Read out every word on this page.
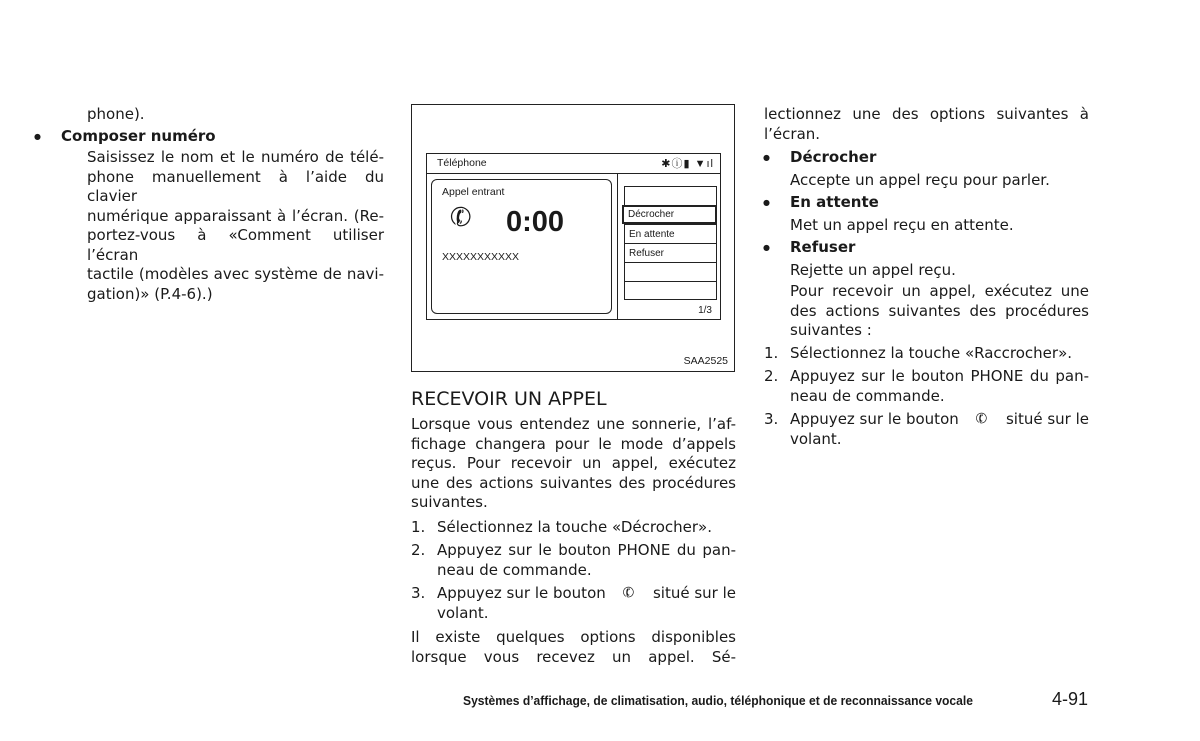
phone).

● Composer numéro

Saisissez le nom et le numéro de télé-

phone manuellement à l’aide du clavier

numérique apparaissant à l’écran. (Re-

portez-vous à «Comment utiliser l’écran

tactile (modèles avec système de navi-

gation)» (P.4-6).)

Téléphone	✱ⓘ▮ ▼ıl
Appel entrant
✆ 0:00
XXXXXXXXXXX
Décrocher
En attente
Refuser
1/3
SAA2525
RECEVOIR UN APPEL

Lorsque vous entendez une sonnerie, l’af-

fichage changera pour le mode d’appels

reçus. Pour recevoir un appel, exécutez

une des actions suivantes des procédures

suivantes.

1. Sélectionnez la touche «Décrocher».
2. Appuyez sur le bouton PHONE du pan-

neau de commande.

3. Appuyez sur le bouton	✆	situé sur le

volant.

Il existe quelques options disponibles

lorsque vous recevez un appel. Sé-

lectionnez une des options suivantes à

l’écran.

● Décrocher

Accepte un appel reçu pour parler.

● En attente

Met un appel reçu en attente.

● Refuser

Rejette un appel reçu.

Pour recevoir un appel, exécutez une

des actions suivantes des procédures

suivantes :

1. Sélectionnez la touche «Raccrocher».
2. Appuyez sur le bouton PHONE du pan-

neau de commande.

3. Appuyez sur le bouton	✆	situé sur le

volant.

Systèmes d’affichage, de climatisation, audio, téléphonique et de reconnaissance vocale	4-91
